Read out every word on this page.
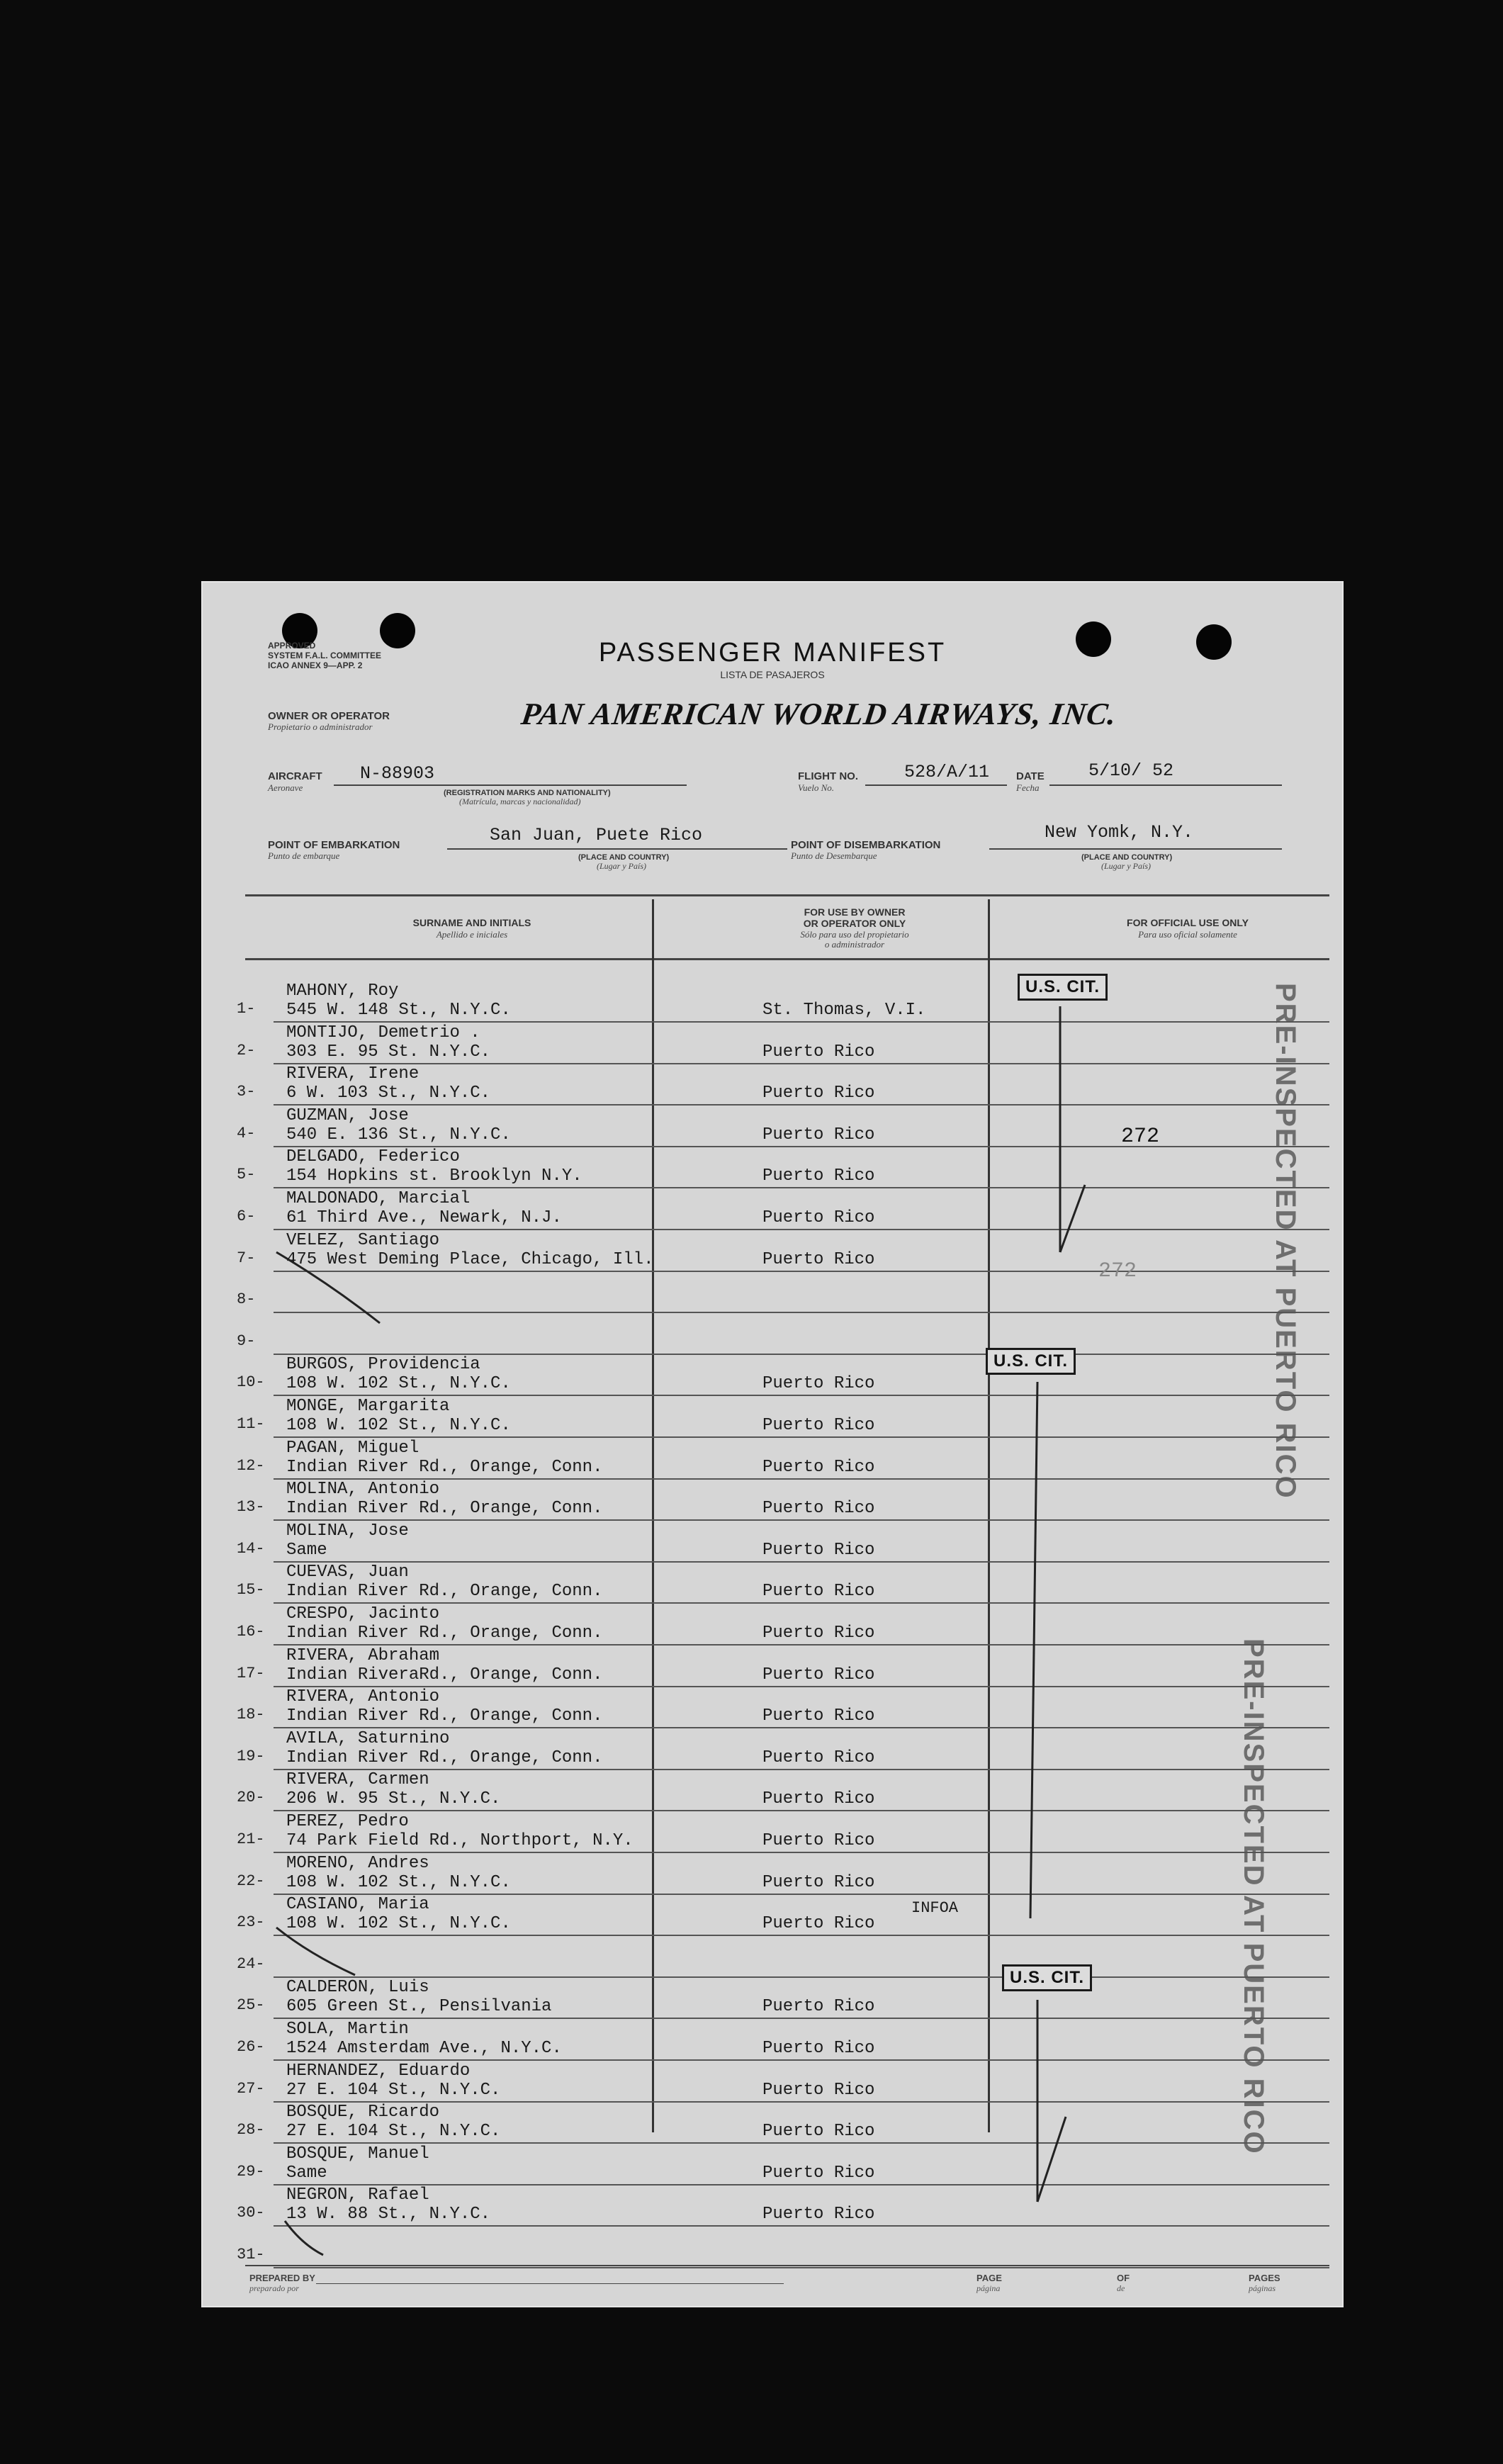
APPROVED
SYSTEM F.A.L. COMMITTEE
ICAO ANNEX 9—APP. 2	PASSENGER MANIFEST
LISTA DE PASAJEROS
OWNER OR OPERATOR
Propietario o administrador	PAN AMERICAN WORLD AIRWAYS, INC.
AIRCRAFT
Aeronave
N-88903
(REGISTRATION MARKS AND NATIONALITY)
(Matrícula, marcas y nacionalidad)
FLIGHT NO.
Vuelo No.
528/A/11	DATE
Fecha
5/10/ 52
POINT OF EMBARKATION
Punto de embarque
San Juan, Puete Rico
(PLACE AND COUNTRY)
(Lugar y País)
POINT OF DISEMBARKATION
Punto de Desembarque
New Yomk, N.Y.
(PLACE AND COUNTRY)
(Lugar y País)
SURNAME AND INITIALS
Apellido e iniciales
FOR USE BY OWNER
OR OPERATOR ONLY
Sólo para uso del propietario
o administrador
FOR OFFICIAL USE ONLY
Para uso oficial solamente
1-
MAHONY, Roy
545 W. 148 St., N.Y.C.	St. Thomas, V.I.
2-
MONTIJO, Demetrio .
303 E. 95 St. N.Y.C.	Puerto Rico
3-
RIVERA, Irene
6 W. 103 St., N.Y.C.	Puerto Rico
4-
GUZMAN, Jose
540 E. 136 St., N.Y.C.	Puerto Rico
5-
DELGADO, Federico
154 Hopkins st. Brooklyn N.Y.	Puerto Rico
6-
MALDONADO, Marcial
61 Third Ave., Newark, N.J.	Puerto Rico
7-
VELEZ, Santiago
475 West Deming Place, Chicago, Ill.	Puerto Rico
8-
9-
10-
BURGOS, Providencia
108 W. 102 St., N.Y.C.	Puerto Rico
11-
MONGE, Margarita
108 W. 102 St., N.Y.C.	Puerto Rico
12-
PAGAN, Miguel
Indian River Rd., Orange, Conn.	Puerto Rico
13-
MOLINA, Antonio
Indian River Rd., Orange, Conn.	Puerto Rico
14-
MOLINA, Jose
Same	Puerto Rico
15-
CUEVAS, Juan
Indian River Rd., Orange, Conn.	Puerto Rico
16-
CRESPO, Jacinto
Indian River Rd., Orange, Conn.	Puerto Rico
17-
RIVERA, Abraham
Indian RiveraRd., Orange, Conn.	Puerto Rico
18-
RIVERA, Antonio
Indian River Rd., Orange, Conn.	Puerto Rico
19-
AVILA, Saturnino
Indian River Rd., Orange, Conn.	Puerto Rico
20-
RIVERA, Carmen
206 W. 95 St., N.Y.C.	Puerto Rico
21-
PEREZ, Pedro
74 Park Field Rd., Northport, N.Y.	Puerto Rico
22-
MORENO, Andres
108 W. 102 St., N.Y.C.	Puerto Rico
23-
CASIANO, Maria
108 W. 102 St., N.Y.C.	Puerto Rico
24-
25-
CALDERON, Luis
605 Green St., Pensilvania	Puerto Rico
26-
SOLA, Martin
1524 Amsterdam Ave., N.Y.C.	Puerto Rico
27-
HERNANDEZ, Eduardo
27 E. 104 St., N.Y.C.	Puerto Rico
28-
BOSQUE, Ricardo
27 E. 104 St., N.Y.C.	Puerto Rico
29-
BOSQUE, Manuel
Same	Puerto Rico
30-
NEGRON, Rafael
13 W. 88 St., N.Y.C.	Puerto Rico
31-
U.S. CIT.
U.S. CIT.
U.S. CIT.
272
272
INFOA
PRE-INSPECTED AT PUERTO RICO
PRE-INSPECTED AT PUERTO RICO
PREPARED BY
preparado por
PAGE
página
OF
de
PAGES
páginas
